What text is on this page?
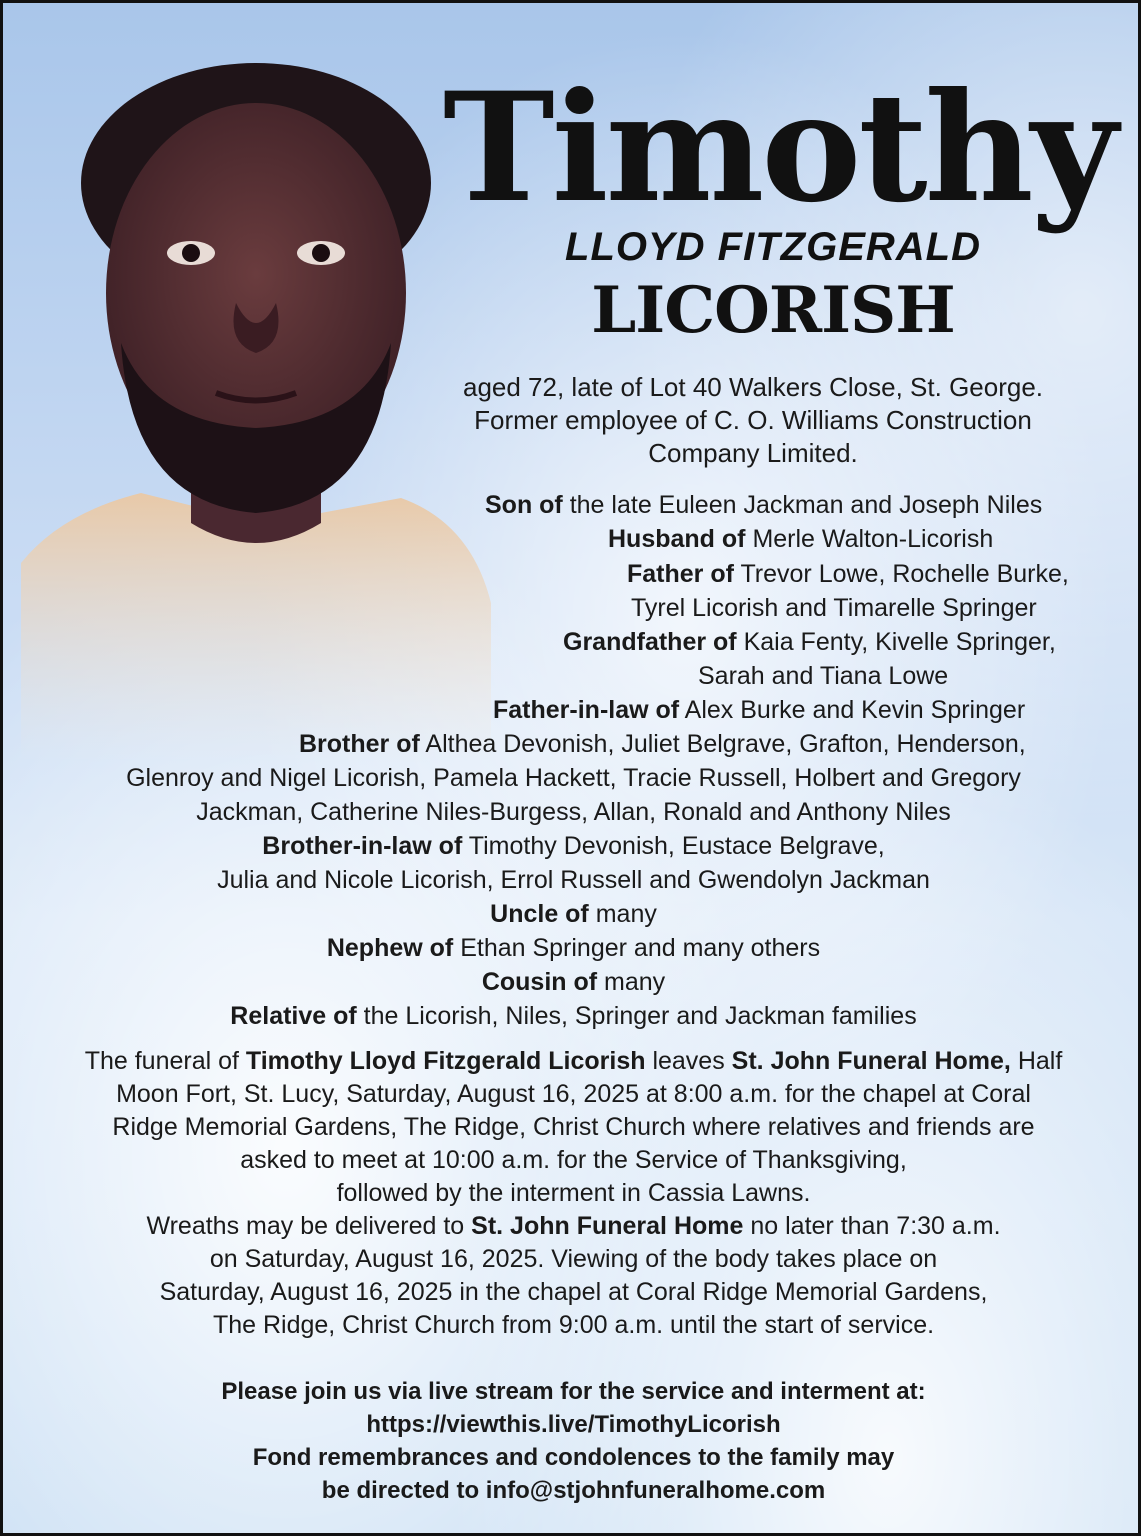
Timothy
LLOYD FITZGERALD
LICORISH

aged 72, late of Lot 40 Walkers Close, St. George.

Former employee of C. O. Williams Construction

Company Limited.

Son of the late Euleen Jackman and Joseph Niles
Husband of Merle Walton-Licorish
Father of Trevor Lowe, Rochelle Burke,
Tyrel Licorish and Timarelle Springer
Grandfather of Kaia Fenty, Kivelle Springer,
Sarah and Tiana Lowe
Father-in-law of Alex Burke and Kevin Springer
Brother of Althea Devonish, Juliet Belgrave, Grafton, Henderson,
Glenroy and Nigel Licorish, Pamela Hackett, Tracie Russell, Holbert and Gregory
Jackman, Catherine Niles-Burgess, Allan, Ronald and Anthony Niles
Brother-in-law of Timothy Devonish, Eustace Belgrave,
Julia and Nicole Licorish, Errol Russell and Gwendolyn Jackman
Uncle of many
Nephew of Ethan Springer and many others
Cousin of many
Relative of the Licorish, Niles, Springer and Jackman families

The funeral of Timothy Lloyd Fitzgerald Licorish leaves St. John Funeral Home, Half

Moon Fort, St. Lucy, Saturday, August 16, 2025 at 8:00 a.m. for the chapel at Coral

Ridge Memorial Gardens, The Ridge, Christ Church where relatives and friends are

asked to meet at 10:00 a.m. for the Service of Thanksgiving,

followed by the interment in Cassia Lawns.

Wreaths may be delivered to St. John Funeral Home no later than 7:30 a.m.

on Saturday, August 16, 2025. Viewing of the body takes place on

Saturday, August 16, 2025 in the chapel at Coral Ridge Memorial Gardens,

The Ridge, Christ Church from 9:00 a.m. until the start of service.

Please join us via live stream for the service and interment at:

https://viewthis.live/TimothyLicorish

Fond remembrances and condolences to the family may

be directed to info@stjohnfuneralhome.com
